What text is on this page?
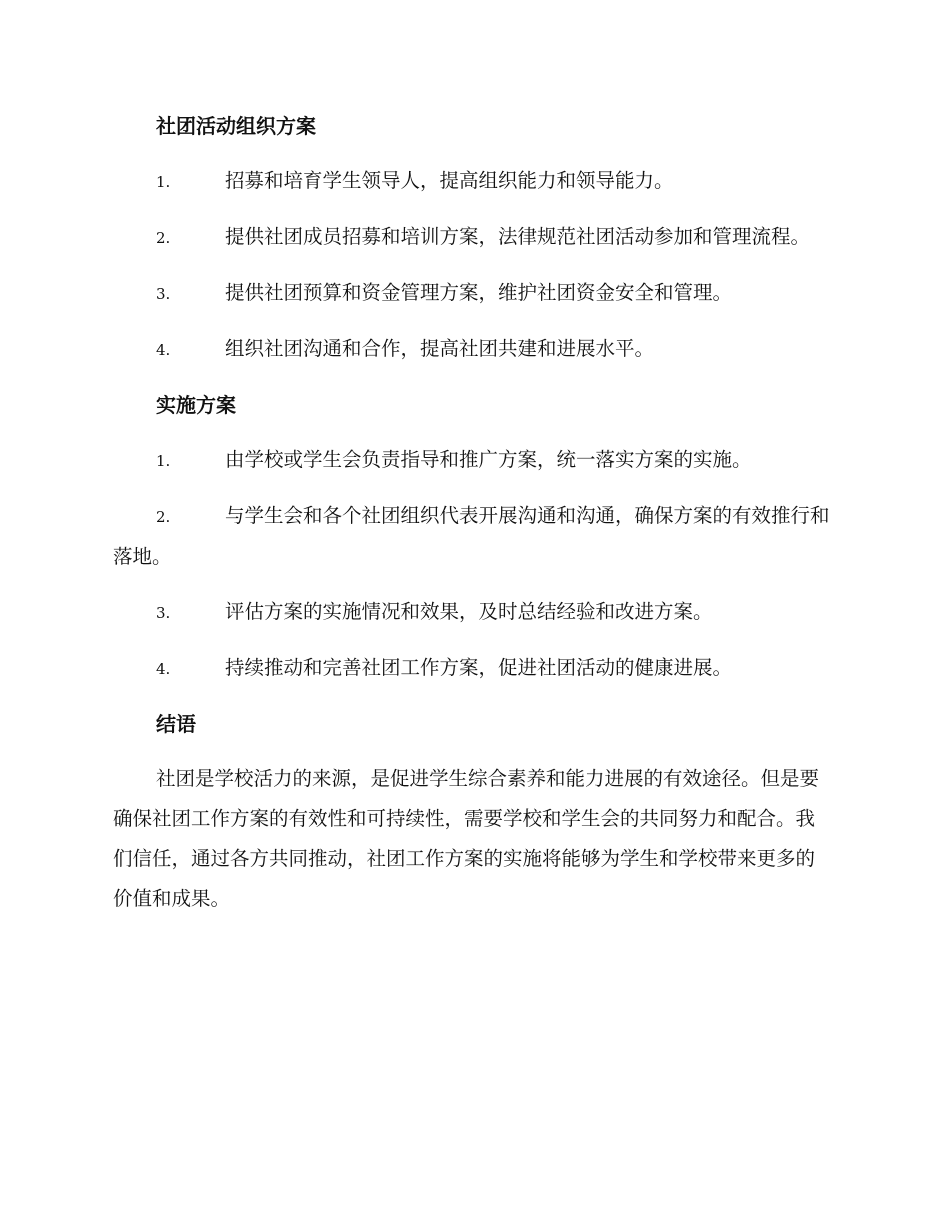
社团活动组织方案
1.	招募和培育学生领导人，提高组织能力和领导能力。
2.	提供社团成员招募和培训方案，法律规范社团活动参加和管理流程。
3.	提供社团预算和资金管理方案，维护社团资金安全和管理。
4.	组织社团沟通和合作，提高社团共建和进展水平。
实施方案
1.	由学校或学生会负责指导和推广方案，统一落实方案的实施。
2.	与学生会和各个社团组织代表开展沟通和沟通，确保方案的有效推行和落地。
3.	评估方案的实施情况和效果，及时总结经验和改进方案。
4.	持续推动和完善社团工作方案，促进社团活动的健康进展。
结语

社团是学校活力的来源，是促进学生综合素养和能力进展的有效途径。但是要确保社团工作方案的有效性和可持续性，需要学校和学生会的共同努力和配合。我们信任，通过各方共同推动，社团工作方案的实施将能够为学生和学校带来更多的价值和成果。
